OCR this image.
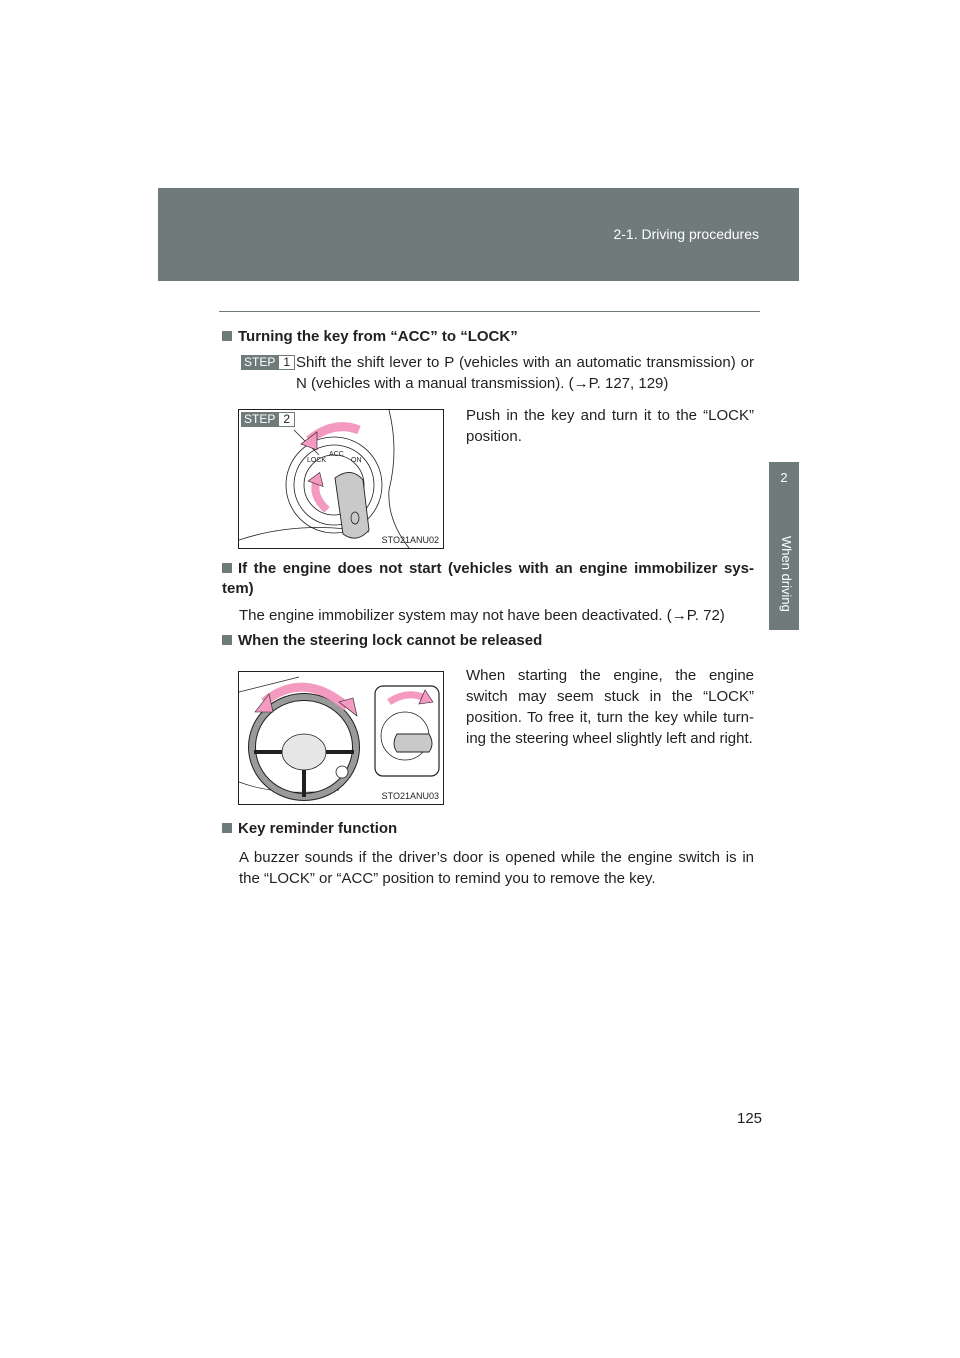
2-1. Driving procedures
2
When driving
Turning the key from “ACC” to “LOCK”
STEP 1 Shift the shift lever to P (vehicles with an automatic transmission) or N (vehicles with a manual transmission). (→P. 127, 129)
LOCK
ACC
ON
STO21ANU02
STEP 2	Push in the key and turn it to the “LOCK” position.
If the engine does not start (vehicles with an engine immobilizer sys-tem)
The engine immobilizer system may not have been deactivated. (→P. 72)
When the steering lock cannot be released
When starting the engine, the engine switch may seem stuck in the “LOCK” position. To free it, turn the key while turn-ing the steering wheel slightly left and right.
STO21ANU03
Key reminder function
A buzzer sounds if the driver’s door is opened while the engine switch is in the “LOCK” or “ACC” position to remind you to remove the key.
125
